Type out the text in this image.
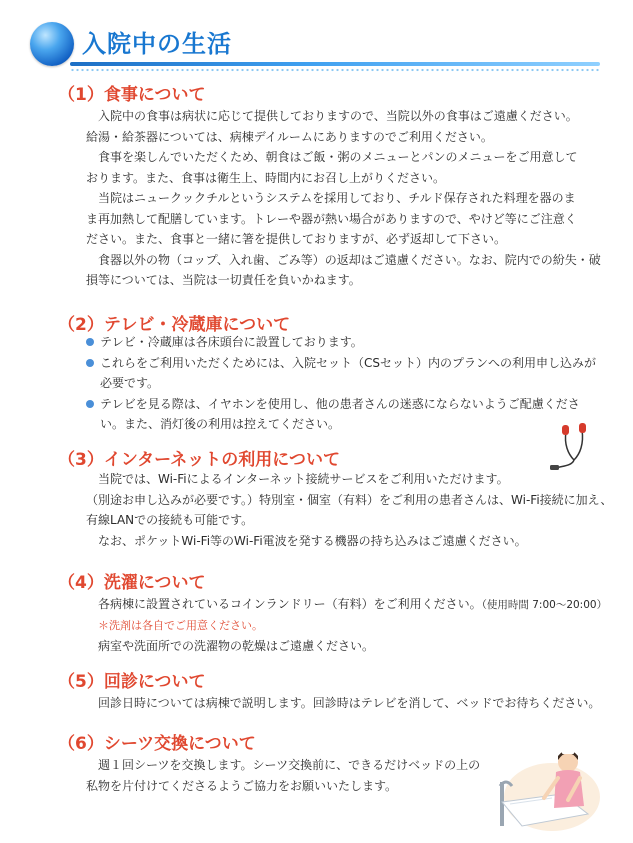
入院中の生活
（1）食事について
入院中の食事は病状に応じて提供しておりますので、当院以外の食事はご遠慮ください。
給湯・給茶器については、病棟デイルームにありますのでご利用ください。
食事を楽しんでいただくため、朝食はご飯・粥のメニューとパンのメニューをご用意して
おります。また、食事は衛生上、時間内にお召し上がりください。
当院はニュークックチルというシステムを採用しており、チルド保存された料理を器のま
ま再加熱して配膳しています。トレーや器が熱い場合がありますので、やけど等にご注意く
ださい。また、食事と一緒に箸を提供しておりますが、必ず返却して下さい。
食器以外の物（コップ、入れ歯、ごみ等）の返却はご遠慮ください。なお、院内での紛失・破
損等については、当院は一切責任を負いかねます。
（2）テレビ・冷蔵庫について
テレビ・冷蔵庫は各床頭台に設置しております。
これらをご利用いただくためには、入院セット（CSセット）内のプランへの利用申し込みが
必要です。
テレビを見る際は、イヤホンを使用し、他の患者さんの迷惑にならないようご配慮くださ
い。また、消灯後の利用は控えてください。
（3）インターネットの利用について
当院では、Wi-Fiによるインターネット接続サービスをご利用いただけます。
（別途お申し込みが必要です。）特別室・個室（有料）をご利用の患者さんは、Wi-Fi接続に加え、
有線LANでの接続も可能です。
なお、ポケットWi-Fi等のWi-Fi電波を発する機器の持ち込みはご遠慮ください。
（4）洗濯について
各病棟に設置されているコインランドリー（有料）をご利用ください。（使用時間 7:00〜20:00）
＊洗剤は各自でご用意ください。
病室や洗面所での洗濯物の乾燥はご遠慮ください。
（5）回診について
回診日時については病棟で説明します。回診時はテレビを消して、ベッドでお待ちください。
（6）シーツ交換について
週１回シーツを交換します。シーツ交換前に、できるだけベッドの上の
私物を片付けてくださるようご協力をお願いいたします。
